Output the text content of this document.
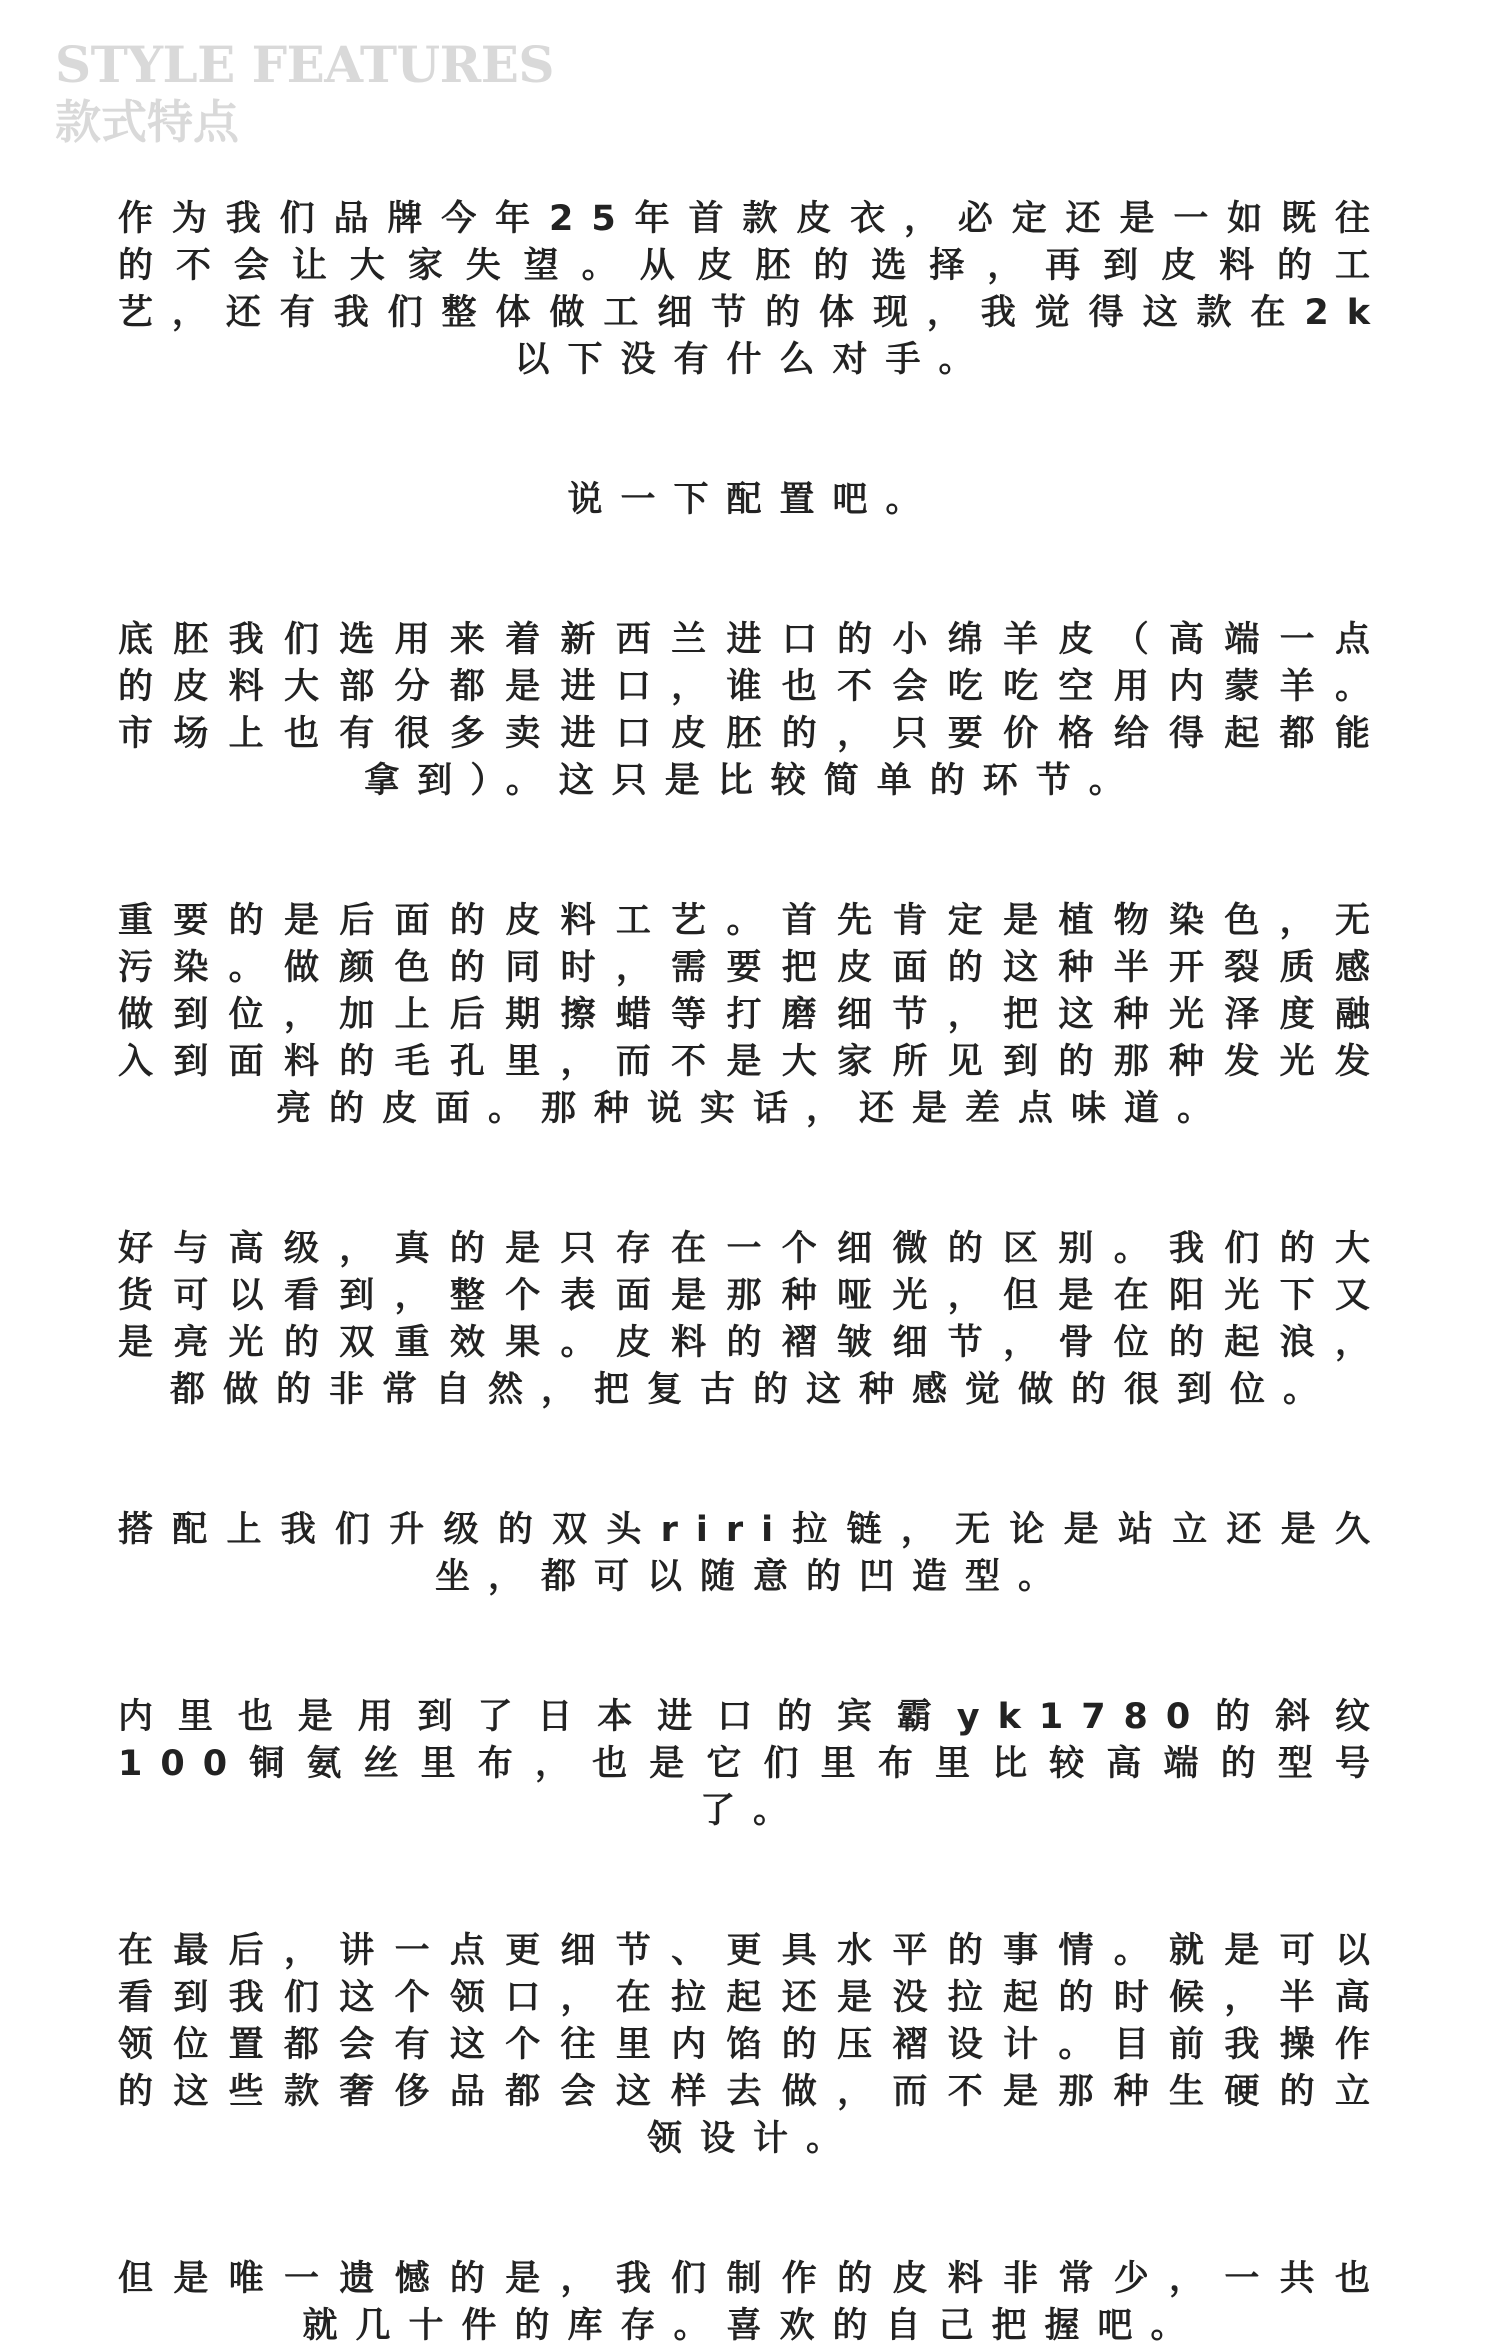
STYLE FEATURES
款式特点

作为我们品牌今年25年首款皮衣，必定还是一如既往的不会让大家失望。从皮胚的选择，再到皮料的工艺，还有我们整体做工细节的体现，我觉得这款在2k以下没有什么对手。

说一下配置吧。

底胚我们选用来着新西兰进口的小绵羊皮（高端一点的皮料大部分都是进口，谁也不会吃吃空用内蒙羊。市场上也有很多卖进口皮胚的，只要价格给得起都能拿到）。这只是比较简单的环节。

重要的是后面的皮料工艺。首先肯定是植物染色，无污染。做颜色的同时，需要把皮面的这种半开裂质感做到位，加上后期擦蜡等打磨细节，把这种光泽度融入到面料的毛孔里，而不是大家所见到的那种发光发亮的皮面。那种说实话，还是差点味道。

好与高级，真的是只存在一个细微的区别。我们的大货可以看到，整个表面是那种哑光，但是在阳光下又是亮光的双重效果。皮料的褶皱细节，骨位的起浪，都做的非常自然，把复古的这种感觉做的很到位。

搭配上我们升级的双头riri拉链，无论是站立还是久坐，都可以随意的凹造型。

内里也是用到了日本进口的宾霸yk1780的斜纹100铜氨丝里布，也是它们里布里比较高端的型号了。

在最后，讲一点更细节、更具水平的事情。就是可以看到我们这个领口，在拉起还是没拉起的时候，半高领位置都会有这个往里内馅的压褶设计。目前我操作的这些款奢侈品都会这样去做，而不是那种生硬的立领设计。

但是唯一遗憾的是，我们制作的皮料非常少，一共也就几十件的库存。喜欢的自己把握吧。
